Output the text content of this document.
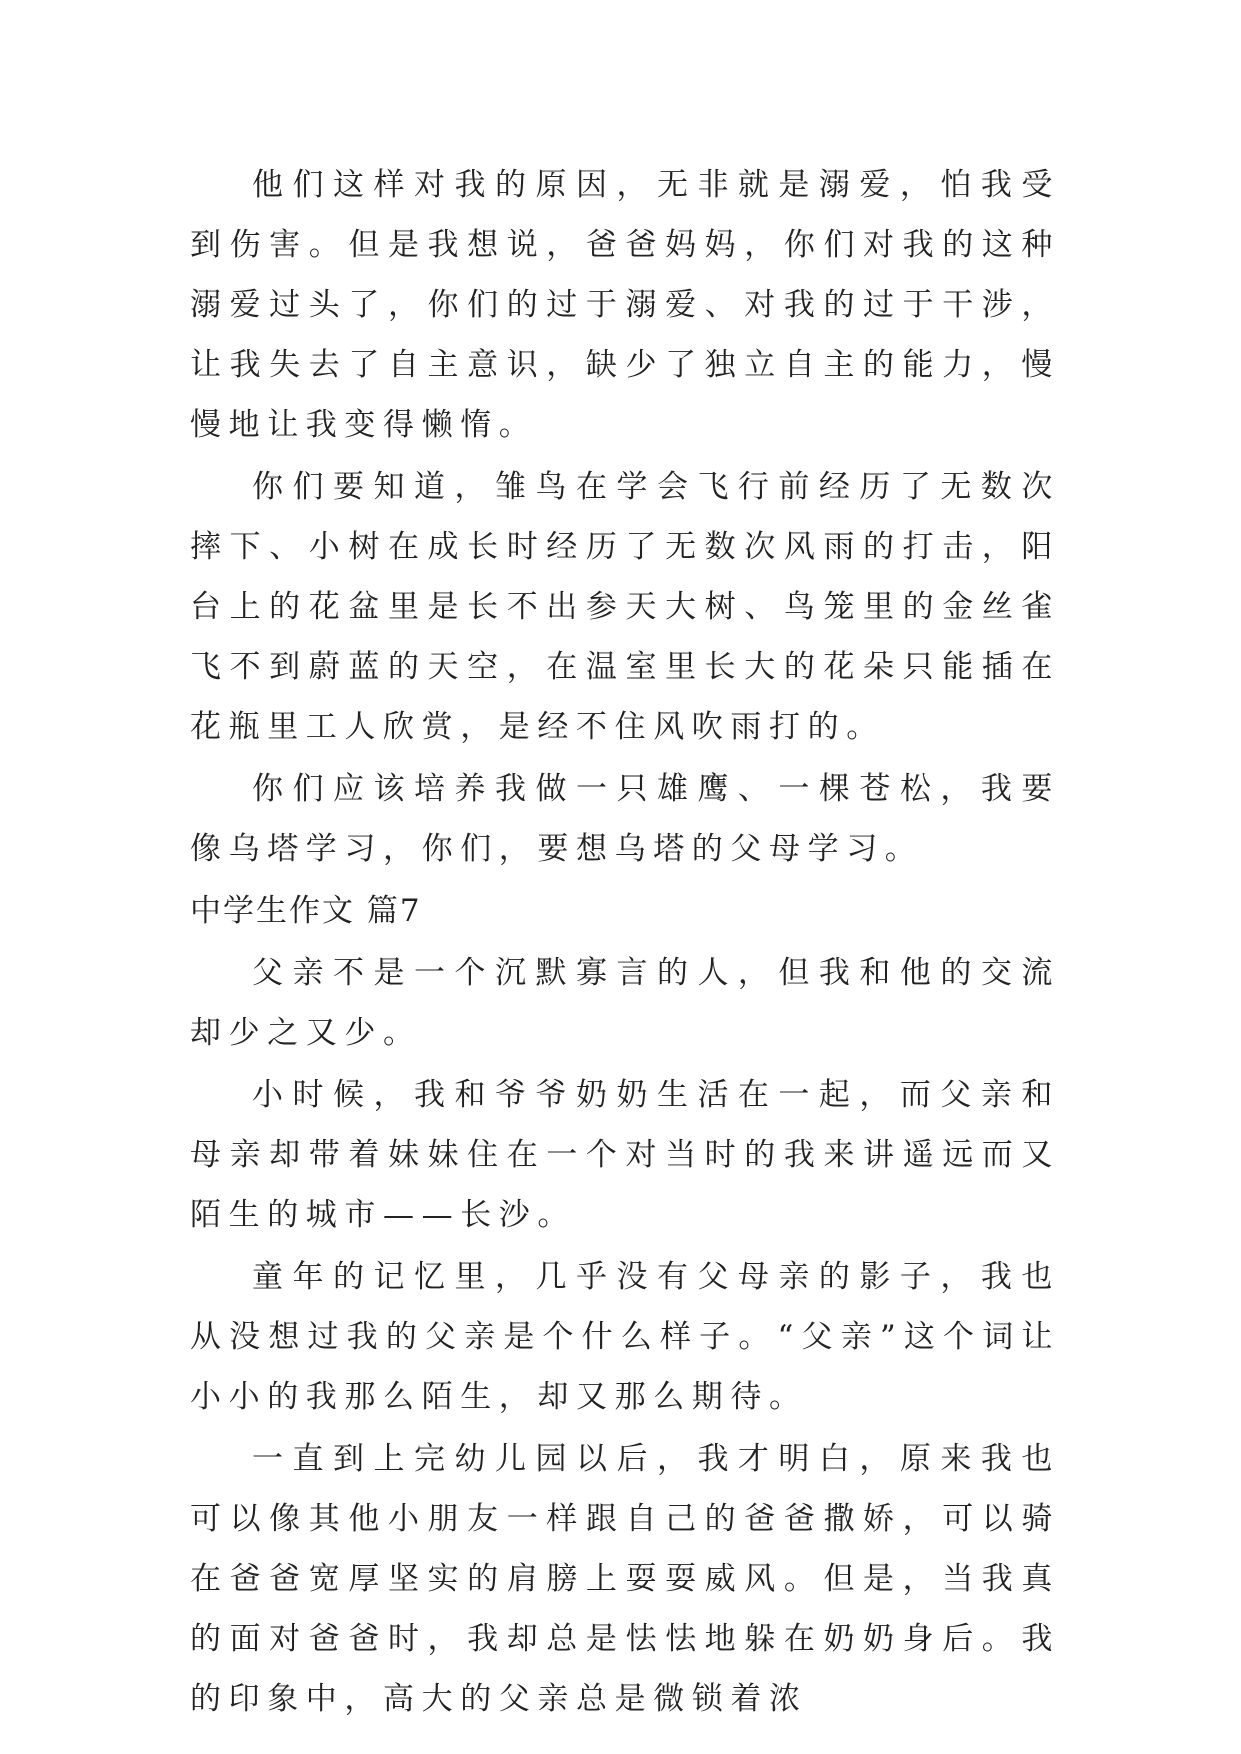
他们这样对我的原因，无非就是溺爱，怕我受到伤害。但是我想说，爸爸妈妈，你们对我的这种溺爱过头了，你们的过于溺爱、对我的过于干涉，让我失去了自主意识，缺少了独立自主的能力，慢慢地让我变得懒惰。

你们要知道，雏鸟在学会飞行前经历了无数次摔下、小树在成长时经历了无数次风雨的打击，阳台上的花盆里是长不出参天大树、鸟笼里的金丝雀飞不到蔚蓝的天空，在温室里长大的花朵只能插在花瓶里工人欣赏，是经不住风吹雨打的。

你们应该培养我做一只雄鹰、一棵苍松，我要像乌塔学习，你们，要想乌塔的父母学习。

中学生作文 篇7

父亲不是一个沉默寡言的人，但我和他的交流却少之又少。

小时候，我和爷爷奶奶生活在一起，而父亲和母亲却带着妹妹住在一个对当时的我来讲遥远而又陌生的城市——长沙。

童年的记忆里，几乎没有父母亲的影子，我也从没想过我的父亲是个什么样子。“父亲”这个词让小小的我那么陌生，却又那么期待。

一直到上完幼儿园以后，我才明白，原来我也可以像其他小朋友一样跟自己的爸爸撒娇，可以骑在爸爸宽厚坚实的肩膀上耍耍威风。但是，当我真的面对爸爸时，我却总是怯怯地躲在奶奶身后。我的印象中，高大的父亲总是微锁着浓
